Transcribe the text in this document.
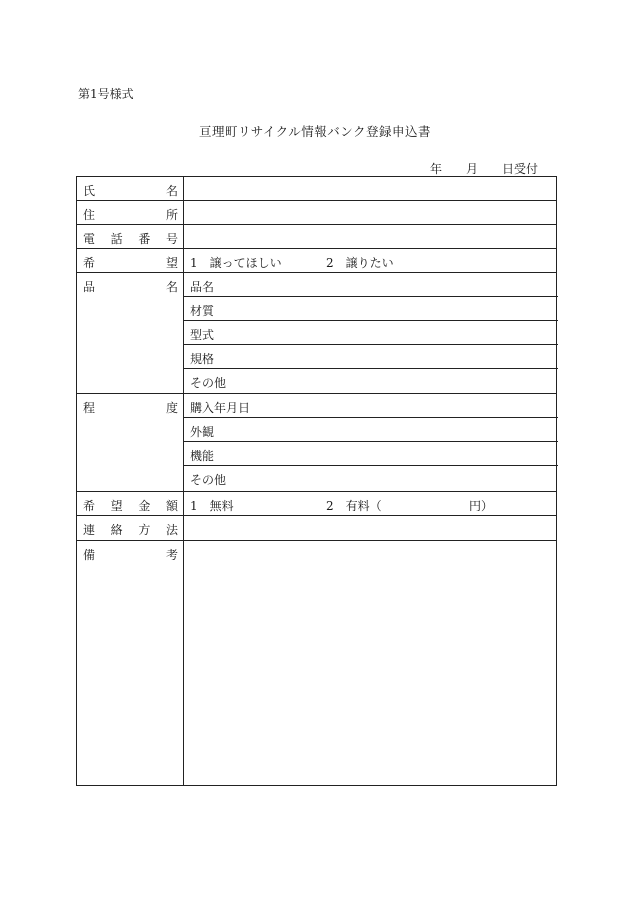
第1号様式
亘理町リサイクル情報バンク登録申込書
年	月	日受付
氏	名
住	所
電 話 番 号
希	望 1　譲ってほしい	2　譲りたい
品	名 品名
材質
型式
規格
その他
程	度 購入年月日
外観
機能
その他
希 望 金 額 1　無料	2　有料（	円）
連 絡 方 法
備	考
